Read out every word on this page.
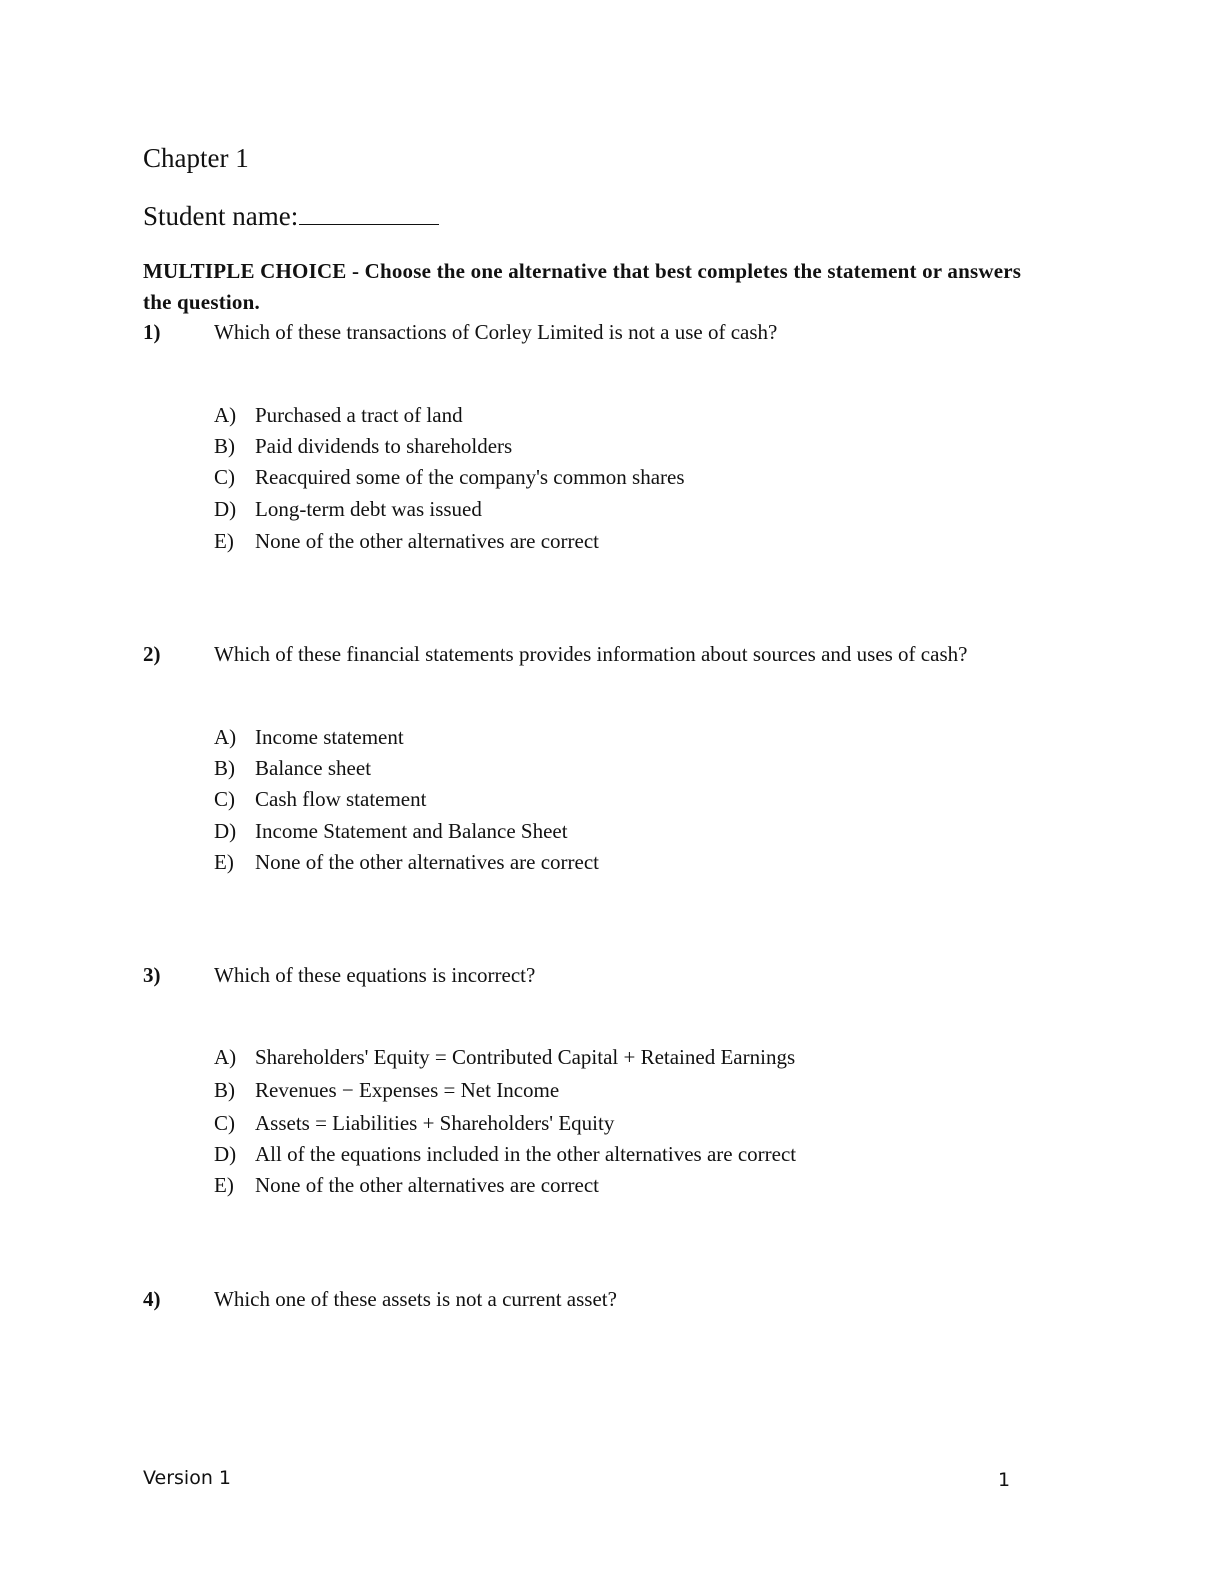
Chapter 1
Student name:
MULTIPLE CHOICE - Choose the one alternative that best completes the statement or answers the question.
1)	Which of these transactions of Corley Limited is not a use of cash?
A) Purchased a tract of land
B) Paid dividends to shareholders
C) Reacquired some of the company's common shares
D) Long-term debt was issued
E)	None of the other alternatives are correct
2)	Which of these financial statements provides information about sources and uses of cash?
A) Income statement
B) Balance sheet
C) Cash flow statement
D) Income Statement and Balance Sheet
E)	None of the other alternatives are correct
3)	Which of these equations is incorrect?
A) Shareholders' Equity = Contributed Capital + Retained Earnings
B) Revenues − Expenses = Net Income
C) Assets = Liabilities + Shareholders' Equity
D) All of the equations included in the other alternatives are correct
E)	None of the other alternatives are correct
4)	Which one of these assets is not a current asset?
Version 1	1
